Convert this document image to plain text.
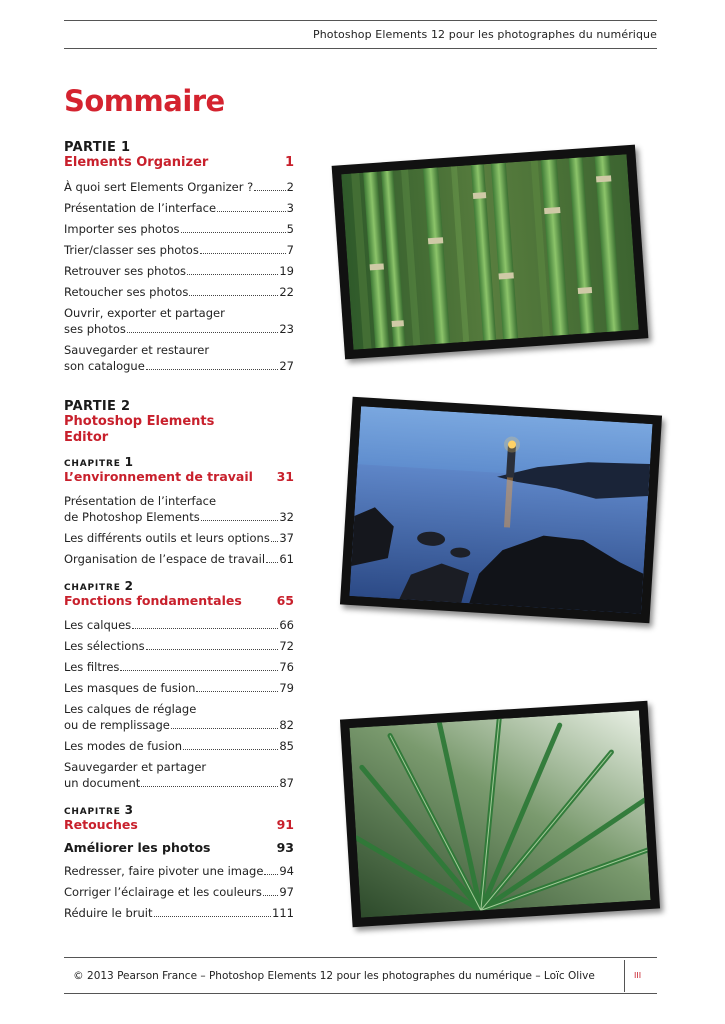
Photoshop Elements 12 pour les photographes du numérique
Sommaire
PARTIE 1
Elements Organizer	1
À quoi sert Elements Organizer ?	2
Présentation de l’interface	3
Importer ses photos	5
Trier/classer ses photos	7
Retrouver ses photos	19
Retoucher ses photos	22
Ouvrir, exporter et partager
ses photos	23
Sauvegarder et restaurer
son catalogue	27
PARTIE 2
Photoshop Elements
Editor
CHAPITRE 1
L’environnement de travail 31
Présentation de l’interface
de Photoshop Elements	32
Les différents outils et leurs options 37
Organisation de l’espace de travail 61
CHAPITRE 2
Fonctions fondamentales	65
Les calques	66
Les sélections	72
Les filtres	76
Les masques de fusion	79
Les calques de réglage
ou de remplissage	82
Les modes de fusion	85
Sauvegarder et partager
un document	87
CHAPITRE 3
Retouches	91
Améliorer les photos	93
Redresser, faire pivoter une image 94
Corriger l’éclairage et les couleurs 97
Réduire le bruit	111
© 2013 Pearson France – Photoshop Elements 12 pour les photographes du numérique – Loïc Olive	III
